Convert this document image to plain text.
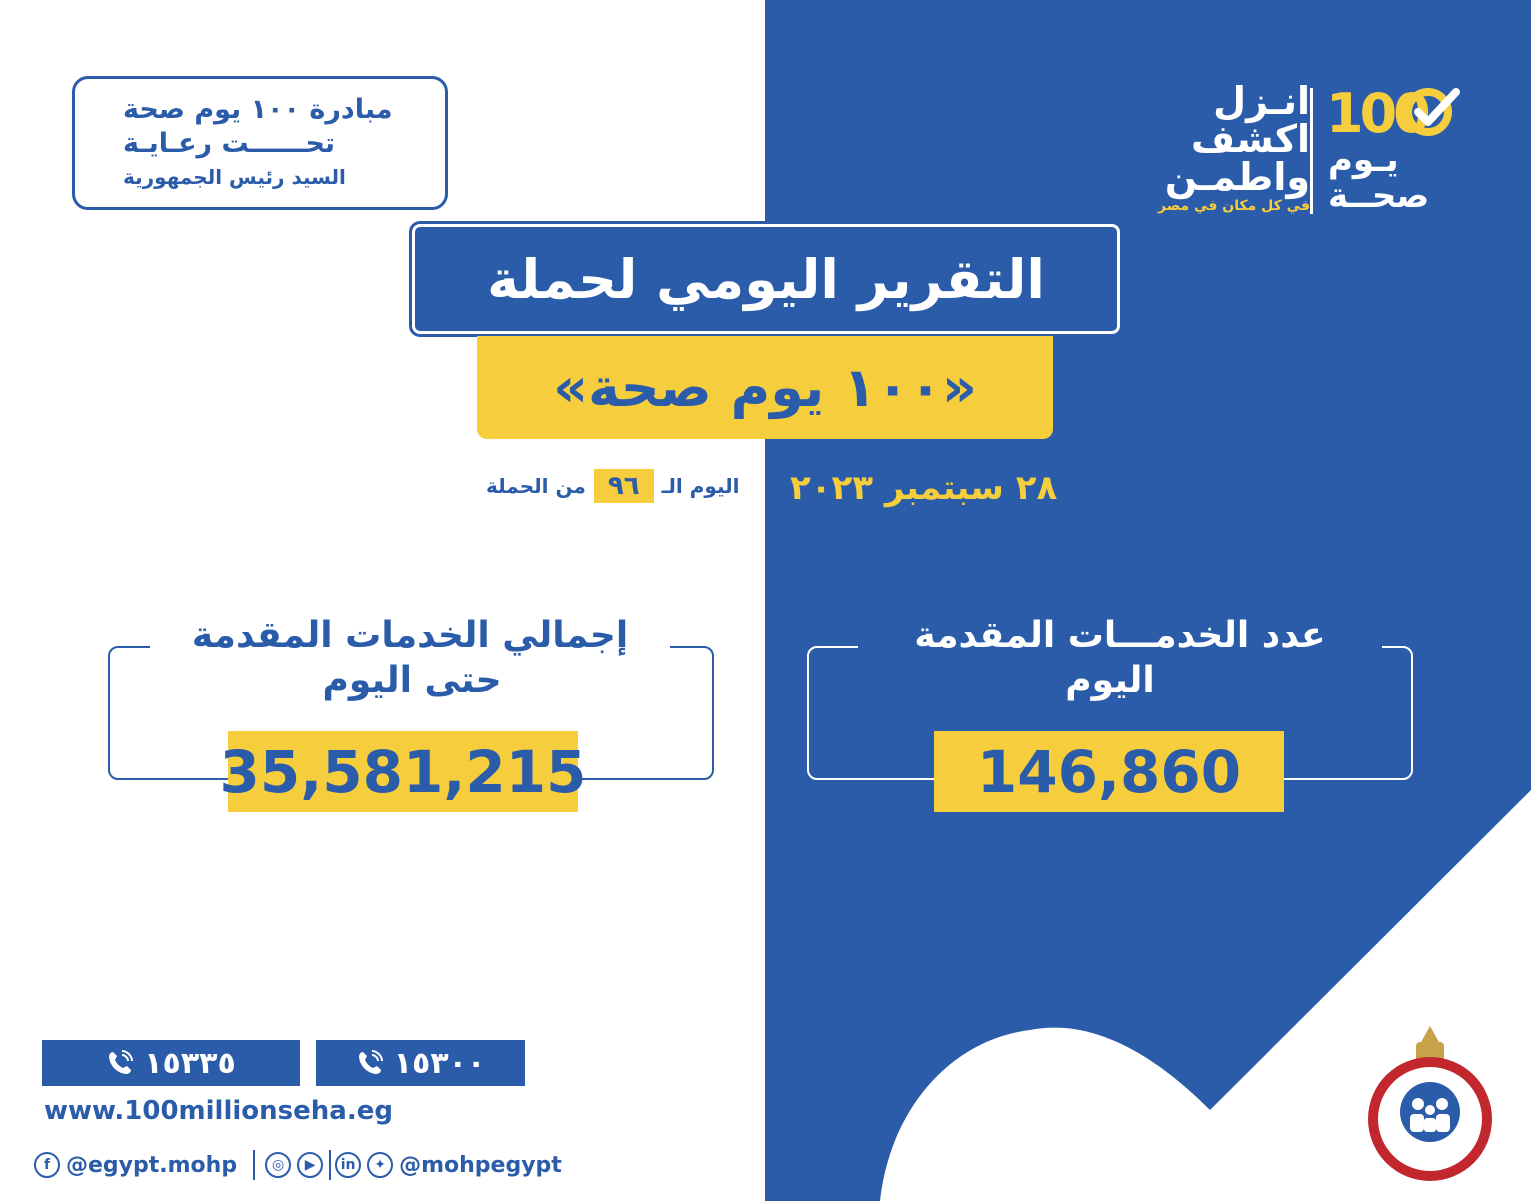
مبادرة ١٠٠ يوم صحة
تحــــــت رعـايـة
السيد رئيس الجمهورية
انـزل
اكشف
واطمـن
في كل مكان في مصر
100
يـوم
صحــة
التقرير اليومي لحملة
«١٠٠ يوم صحة»
اليوم الـ
٩٦
من الحملة	٢٨ سبتمبر ٢٠٢٣
إجمالي الخدمات المقدمة	عدد الخدمـــات المقدمة
حتى اليوم	اليوم
35,581,215	146,860
١٥٣٣٥	١٥٣٠٠
www.100millionseha.eg
f @egypt.mohp	◎	▶	in	✦ @mohpegypt
